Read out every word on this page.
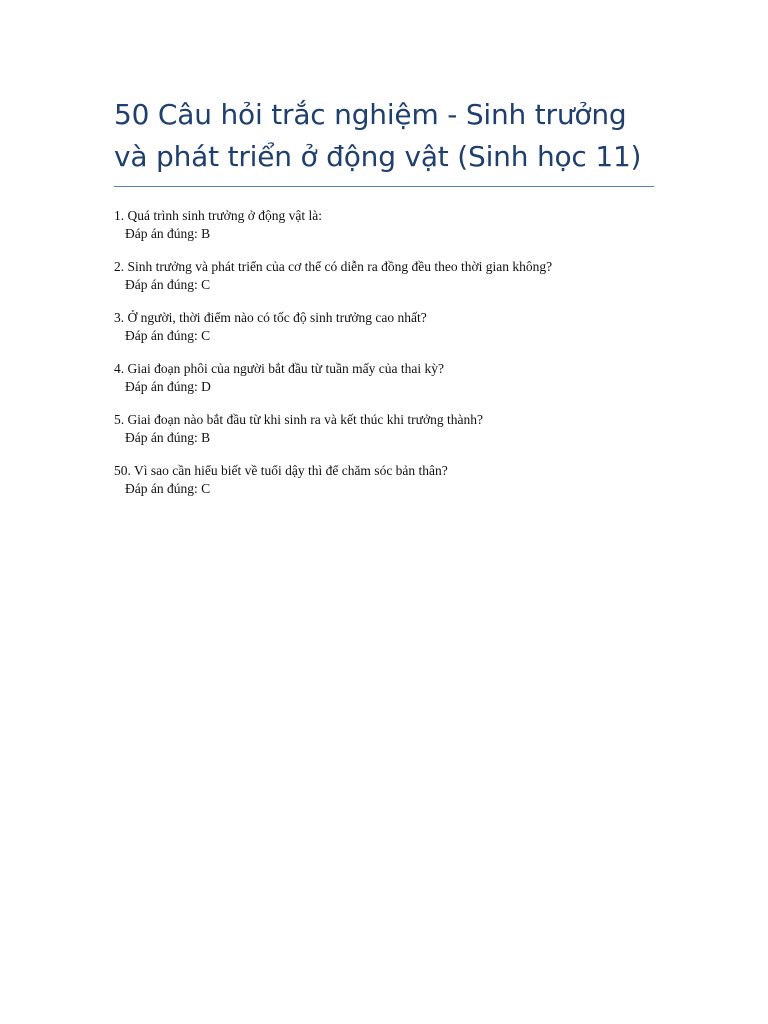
50 Câu hỏi trắc nghiệm - Sinh trưởng và phát triển ở động vật (Sinh học 11)
1. Quá trình sinh trưởng ở động vật là:
Đáp án đúng: B
2. Sinh trưởng và phát triển của cơ thể có diễn ra đồng đều theo thời gian không?
Đáp án đúng: C
3. Ở người, thời điểm nào có tốc độ sinh trưởng cao nhất?
Đáp án đúng: C
4. Giai đoạn phôi của người bắt đầu từ tuần mấy của thai kỳ?
Đáp án đúng: D
5. Giai đoạn nào bắt đầu từ khi sinh ra và kết thúc khi trưởng thành?
Đáp án đúng: B
50. Vì sao cần hiểu biết về tuổi dậy thì để chăm sóc bản thân?
Đáp án đúng: C
